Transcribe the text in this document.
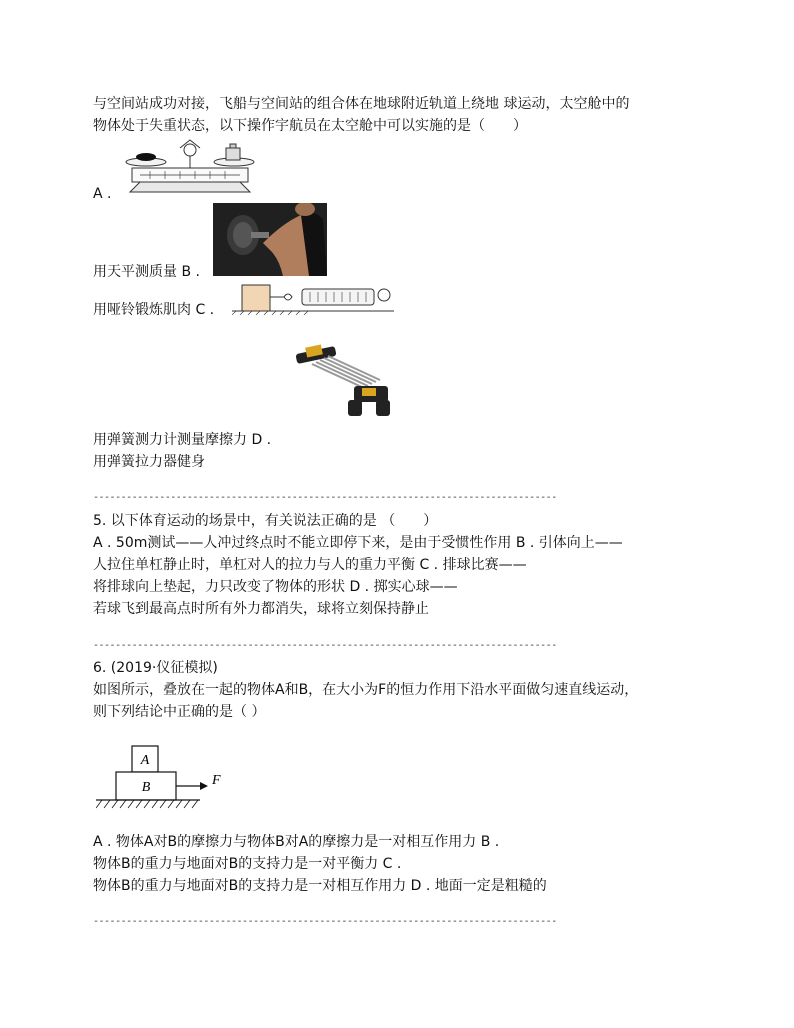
与空间站成功对接，飞船与空间站的组合体在地球附近轨道上绕地 球运动，太空舱中的
物体处于失重状态，以下操作宇航员在太空舱中可以实施的是（　　）
A .
用天平测质量 B .
用哑铃锻炼肌肉 C .
用弹簧测力计测量摩擦力 D .
用弹簧拉力器健身
------------------------------------------------------------------------------------
5. 以下体育运动的场景中，有关说法正确的是 （　　）
A . 50m测试——人冲过终点时不能立即停下来，是由于受惯性作用 B . 引体向上——
人拉住单杠静止时，单杠对人的拉力与人的重力平衡 C . 排球比赛——
将排球向上垫起，力只改变了物体的形状 D . 掷实心球——
若球飞到最高点时所有外力都消失，球将立刻保持静止
------------------------------------------------------------------------------------
6. (2019·仪征模拟)
如图所示，叠放在一起的物体A和B，在大小为F的恒力作用下沿水平面做匀速直线运动，
则下列结论中正确的是（ ）
A
B	F
A . 物体A对B的摩擦力与物体B对A的摩擦力是一对相互作用力 B .
物体B的重力与地面对B的支持力是一对平衡力 C .
物体B的重力与地面对B的支持力是一对相互作用力 D . 地面一定是粗糙的
------------------------------------------------------------------------------------
